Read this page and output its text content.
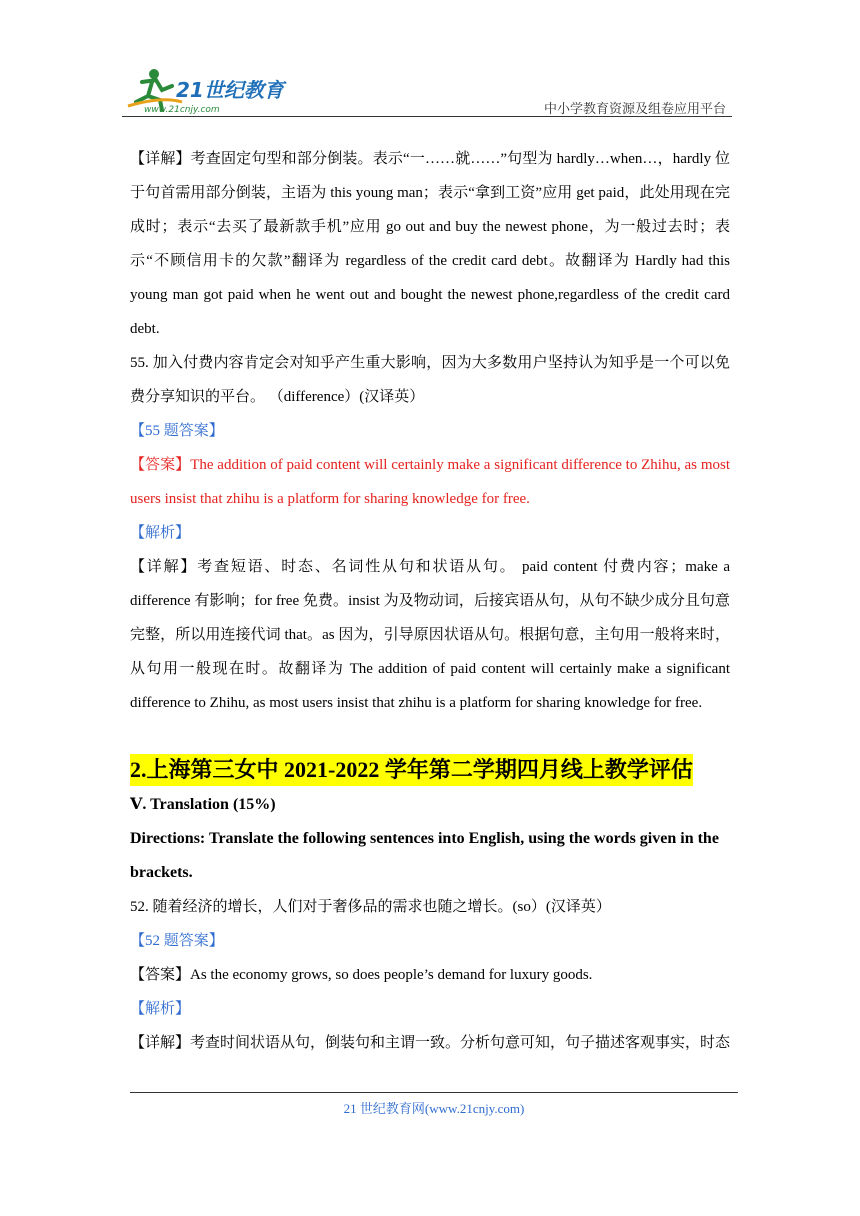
21世纪教育
www.21cnjy.com	中小学教育资源及组卷应用平台

【详解】考查固定句型和部分倒装。表示“一……就……”句型为 hardly…when…，hardly 位于句首需用部分倒装，主语为 this young man；表示“拿到工资”应用 get paid，此处用现在完成时；表示“去买了最新款手机”应用 go out and buy the newest phone，为一般过去时；表示“不顾信用卡的欠款”翻译为 regardless of the credit card debt。故翻译为 Hardly had this young man got paid when he went out and bought the newest phone,regardless of the credit card debt.

55. 加入付费内容肯定会对知乎产生重大影响，因为大多数用户坚持认为知乎是一个可以免费分享知识的平台。 （difference）(汉译英）

【55 题答案】

【答案】The addition of paid content will certainly make a significant difference to Zhihu, as most users insist that zhihu is a platform for sharing knowledge for free.

【解析】

【详解】考查短语、时态、名词性从句和状语从句。 paid content 付费内容；make a difference 有影响；for free 免费。insist 为及物动词，后接宾语从句，从句不缺少成分且句意完整，所以用连接代词 that。as 因为，引导原因状语从句。根据句意，主句用一般将来时，从句用一般现在时。故翻译为 The addition of paid content will certainly make a significant difference to Zhihu, as most users insist that zhihu is a platform for sharing knowledge for free.

2.上海第三女中 2021-2022 学年第二学期四月线上教学评估

Ⅴ. Translation (15%)

Directions: Translate the following sentences into English, using the words given in the brackets.

52. 随着经济的增长，人们对于奢侈品的需求也随之增长。(so）(汉译英）

【52 题答案】

【答案】As the economy grows, so does people’s demand for luxury goods.

【解析】

【详解】考查时间状语从句，倒装句和主谓一致。分析句意可知，句子描述客观事实，时态

21 世纪教育网(www.21cnjy.com)
